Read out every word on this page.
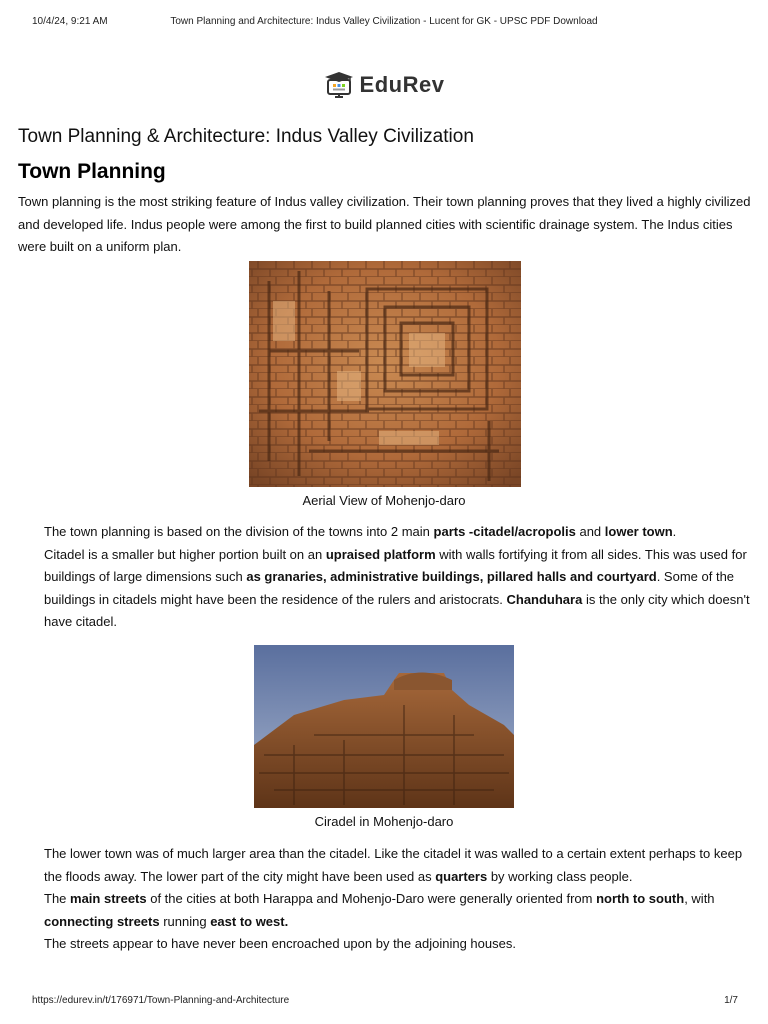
10/4/24, 9:21 AM	Town Planning and Architecture: Indus Valley Civilization - Lucent for GK - UPSC PDF Download
EduRev
Town Planning & Architecture: Indus Valley Civilization
Town Planning
Town planning is the most striking feature of Indus valley civilization. Their town planning proves that they lived a highly civilized and developed life. Indus people were among the first to build planned cities with scientific drainage system. The Indus cities were built on a uniform plan.
Aerial View of Mohenjo-daro
The town planning is based on the division of the towns into 2 main parts -citadel/acropolis and lower town.
Citadel is a smaller but higher portion built on an upraised platform with walls fortifying it from all sides. This was used for buildings of large dimensions such as granaries, administrative buildings, pillared halls and courtyard. Some of the buildings in citadels might have been the residence of the rulers and aristocrats. Chanduhara is the only city which doesn't have citadel.
Ciradel in Mohenjo-daro
The lower town was of much larger area than the citadel. Like the citadel it was walled to a certain extent perhaps to keep the floods away. The lower part of the city might have been used as quarters by working class people.
The main streets of the cities at both Harappa and Mohenjo-Daro were generally oriented from north to south, with connecting streets running east to west.
The streets appear to have never been encroached upon by the adjoining houses.
https://edurev.in/t/176971/Town-Planning-and-Architecture	1/7
